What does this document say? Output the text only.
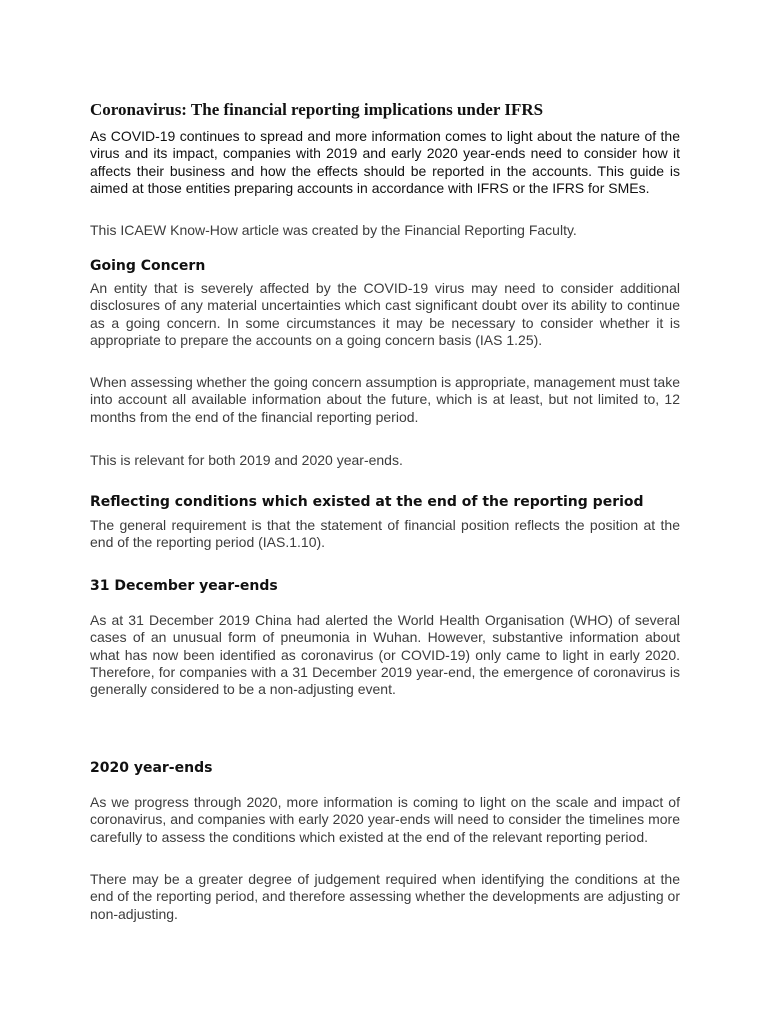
Coronavirus: The financial reporting implications under IFRS

As COVID-19 continues to spread and more information comes to light about the nature of the virus and its impact, companies with 2019 and early 2020 year-ends need to consider how it affects their business and how the effects should be reported in the accounts. This guide is aimed at those entities preparing accounts in accordance with IFRS or the IFRS for SMEs.

This ICAEW Know-How article was created by the Financial Reporting Faculty.

Going Concern

An entity that is severely affected by the COVID-19 virus may need to consider additional disclosures of any material uncertainties which cast significant doubt over its ability to continue as a going concern. In some circumstances it may be necessary to consider whether it is appropriate to prepare the accounts on a going concern basis (IAS 1.25).

When assessing whether the going concern assumption is appropriate, management must take into account all available information about the future, which is at least, but not limited to, 12 months from the end of the financial reporting period.

This is relevant for both 2019 and 2020 year-ends.

Reflecting conditions which existed at the end of the reporting period

The general requirement is that the statement of financial position reflects the position at the end of the reporting period (IAS.1.10).

31 December year-ends

As at 31 December 2019 China had alerted the World Health Organisation (WHO) of several cases of an unusual form of pneumonia in Wuhan. However, substantive information about what has now been identified as coronavirus (or COVID-19) only came to light in early 2020. Therefore, for companies with a 31 December 2019 year-end, the emergence of coronavirus is generally considered to be a non-adjusting event.

2020 year-ends

As we progress through 2020, more information is coming to light on the scale and impact of coronavirus, and companies with early 2020 year-ends will need to consider the timelines more carefully to assess the conditions which existed at the end of the relevant reporting period.

There may be a greater degree of judgement required when identifying the conditions at the end of the reporting period, and therefore assessing whether the developments are adjusting or non-adjusting.
